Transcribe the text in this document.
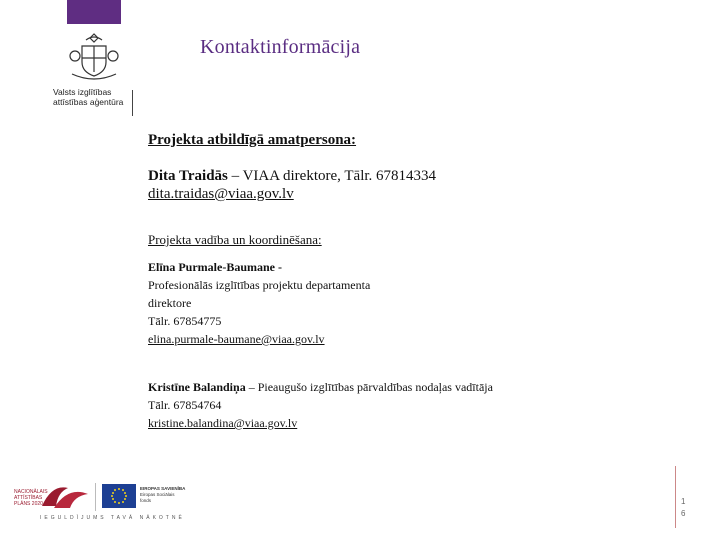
Valsts izglītības
attīstības aģentūra
Kontaktinformācija
Projekta atbildīgā amatpersona:
Dita Traidās – VIAA direktore, Tālr. 67814334
dita.traidas@viaa.gov.lv
Projekta vadība un koordinēšana:
Elīna Purmale-Baumane -
Profesionālās izglītības projektu departamenta
direktore
Tālr. 67854775
elina.purmale-baumane@viaa.gov.lv
Kristīne Balandiņa – Pieaugušo izglītības pārvaldības nodaļas vadītāja
Tālr. 67854764
kristine.balandina@viaa.gov.lv
NACIONĀLAIS
ATTĪSTĪBAS
PLĀNS 2020
EIROPAS SAVIENĪBA
Eiropas Sociālais
fonds
IEGULDĪJUMS TAVĀ NĀKOTNĒ
1
6
